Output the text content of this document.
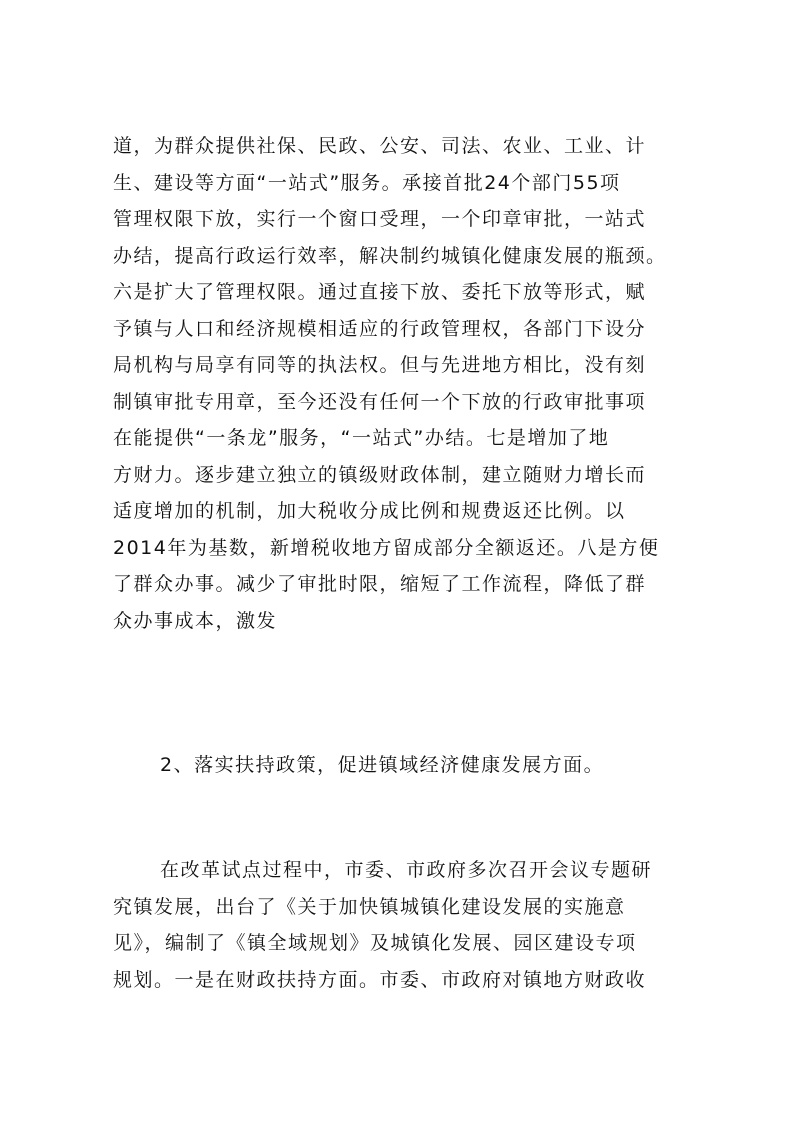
道，为群众提供社保、民政、公安、司法、农业、工业、计
生、建设等方面“一站式”服务。承接首批24个部门55项
管理权限下放，实行一个窗口受理，一个印章审批，一站式
办结，提高行政运行效率，解决制约城镇化健康发展的瓶颈。
六是扩大了管理权限。通过直接下放、委托下放等形式，赋
予镇与人口和经济规模相适应的行政管理权，各部门下设分
局机构与局享有同等的执法权。但与先进地方相比，没有刻
制镇审批专用章，至今还没有任何一个下放的行政审批事项
在能提供“一条龙”服务，“一站式”办结。七是增加了地
方财力。逐步建立独立的镇级财政体制，建立随财力增长而
适度增加的机制，加大税收分成比例和规费返还比例。以
2014年为基数，新增税收地方留成部分全额返还。八是方便
了群众办事。减少了审批时限，缩短了工作流程，降低了群
众办事成本，激发
2、落实扶持政策，促进镇域经济健康发展方面。
在改革试点过程中，市委、市政府多次召开会议专题研
究镇发展，出台了《关于加快镇城镇化建设发展的实施意
见》，编制了《镇全域规划》及城镇化发展、园区建设专项
规划。一是在财政扶持方面。市委、市政府对镇地方财政收
